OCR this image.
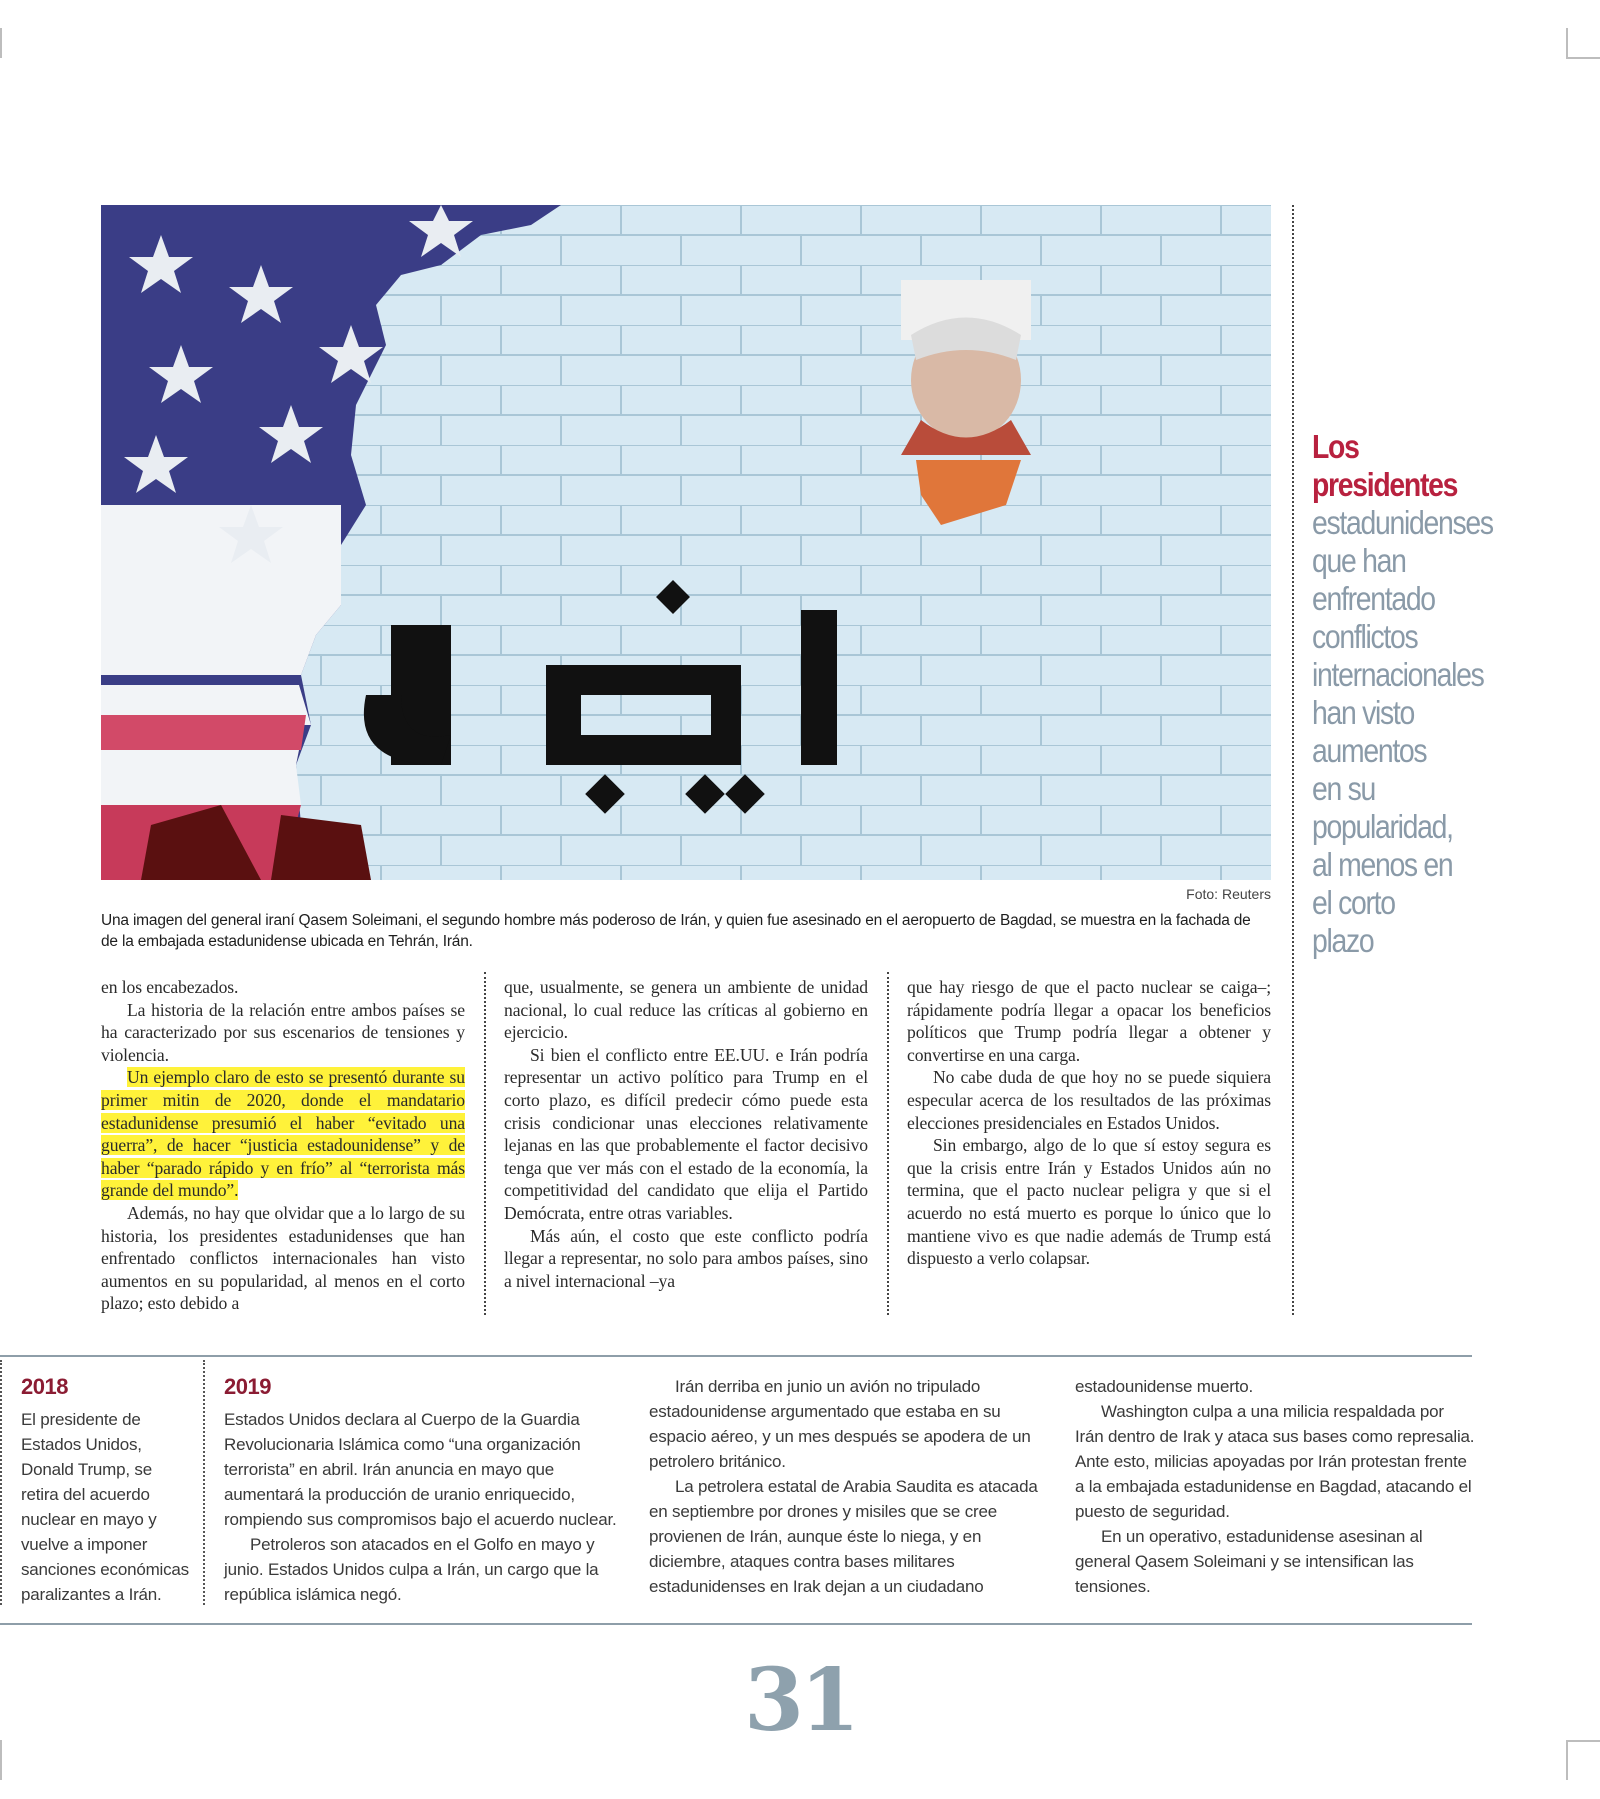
Foto: Reuters
Una imagen del general iraní Qasem Soleimani, el segundo hombre más poderoso de Irán, y quien fue asesinado en el aeropuerto de Bagdad, se muestra en la fachada de de la embajada estadunidense ubicada en Tehrán, Irán.
Los presidentes estadunidenses que han enfrentado conflictos internacionales han visto aumentos en su popularidad, al menos en el corto plazo

en los encabezados.

La historia de la relación entre ambos países se ha caracterizado por sus escenarios de tensiones y violencia.

Un ejemplo claro de esto se presentó durante su primer mitin de 2020, donde el mandatario estadunidense presumió el haber “evitado una guerra”, de hacer “justicia estadounidense” y de haber “parado rápido y en frío” al “terrorista más grande del mundo”.

Además, no hay que olvidar que a lo largo de su historia, los presidentes estadunidenses que han enfrentado conflictos internacionales han visto aumentos en su popularidad, al menos en el corto plazo; esto debido a

que, usualmente, se genera un ambiente de unidad nacional, lo cual reduce las críticas al gobierno en ejercicio.

Si bien el conflicto entre EE.UU. e Irán podría representar un activo político para Trump en el corto plazo, es difícil predecir cómo puede esta crisis condicionar unas elecciones relativamente lejanas en las que probablemente el factor decisivo tenga que ver más con el estado de la economía, la competitividad del candidato que elija el Partido Demócrata, entre otras variables.

Más aún, el costo que este conflicto podría llegar a representar, no solo para ambos países, sino a nivel internacional –ya

que hay riesgo de que el pacto nuclear se caiga–; rápidamente podría llegar a opacar los beneficios políticos que Trump podría llegar a obtener y convertirse en una carga.

No cabe duda de que hoy no se puede siquiera especular acerca de los resultados de las próximas elecciones presidenciales en Estados Unidos.

Sin embargo, algo de lo que sí estoy segura es que la crisis entre Irán y Estados Unidos aún no termina, que el pacto nuclear peligra y que si el acuerdo no está muerto es porque lo único que lo mantiene vivo es que nadie además de Trump está dispuesto a verlo colapsar.

2018

El presidente de Estados Unidos, Donald Trump, se retira del acuerdo nuclear en mayo y vuelve a imponer sanciones económicas paralizantes a Irán.

2019

Estados Unidos declara al Cuerpo de la Guardia Revolucionaria Islámica como “una organización terrorista” en abril. Irán anuncia en mayo que aumentará la producción de uranio enriquecido, rompiendo sus compromisos bajo el acuerdo nuclear.

Petroleros son atacados en el Golfo en mayo y junio. Estados Unidos culpa a Irán, un cargo que la república islámica negó.

Irán derriba en junio un avión no tripulado estadounidense argumentado que estaba en su espacio aéreo, y un mes después se apodera de un petrolero británico.

La petrolera estatal de Arabia Saudita es atacada en septiembre por drones y misiles que se cree provienen de Irán, aunque éste lo niega, y en diciembre, ataques contra bases militares estadunidenses en Irak dejan a un ciudadano

estadounidense muerto.

Washington culpa a una milicia respaldada por Irán dentro de Irak y ataca sus bases como represalia. Ante esto, milicias apoyadas por Irán protestan frente a la embajada estadunidense en Bagdad, atacando el puesto de seguridad.

En un operativo, estadunidense asesinan al general Qasem Soleimani y se intensifican las tensiones.

31
